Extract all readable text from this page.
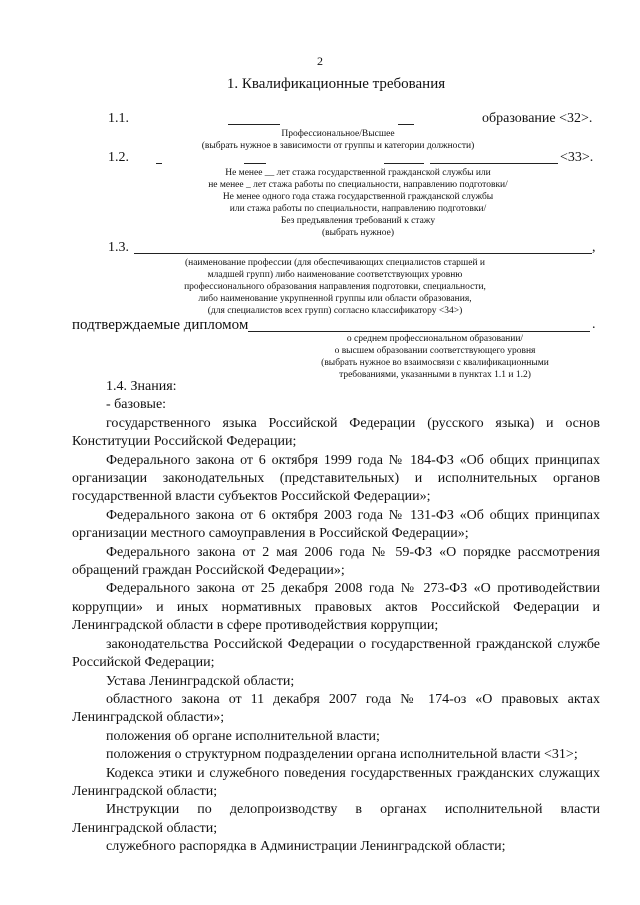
2
1. Квалификационные требования
1.1.	образование <32>.
Профессиональное/Высшее
(выбрать нужное в зависимости от группы и категории должности)
1.2.	<33>.
Не менее __ лет стажа государственной гражданской службы или
не менее _ лет стажа работы по специальности, направлению подготовки/
Не менее одного года стажа государственной гражданской службы
или стажа работы по специальности, направлению подготовки/
Без предъявления требований к стажу
(выбрать нужное)
1.3.	,
(наименование профессии (для обеспечивающих специалистов старшей и
младшей групп) либо наименование соответствующих уровню
профессионального образования направления подготовки, специальности,
либо наименование укрупненной группы или области образования,
(для специалистов всех групп) согласно классификатору <34>)
подтверждаемые дипломом	.
о среднем профессиональном образовании/
о высшем образовании соответствующего уровня
(выбрать нужное во взаимосвязи с квалификационными
требованиями, указанными в пунктах 1.1 и 1.2)

1.4. Знания:

- базовые:

государственного языка Российской Федерации (русского языка) и основ Конституции Российской Федерации;

Федерального закона от 6 октября 1999 года № 184-ФЗ «Об общих принципах организации законодательных (представительных) и исполнительных органов государственной власти субъектов Российской Федерации»;

Федерального закона от 6 октября 2003 года № 131-ФЗ «Об общих принципах организации местного самоуправления в Российской Федерации»;

Федерального закона от 2 мая 2006 года № 59-ФЗ «О порядке рассмотрения обращений граждан Российской Федерации»;

Федерального закона от 25 декабря 2008 года № 273-ФЗ «О противодействии коррупции» и иных нормативных правовых актов Российской Федерации и Ленинградской области в сфере противодействия коррупции;

законодательства Российской Федерации о государственной гражданской службе Российской Федерации;

Устава Ленинградской области;

областного закона от 11 декабря 2007 года № 174-оз «О правовых актах Ленинградской области»;

положения об органе исполнительной власти;

положения о структурном подразделении органа исполнительной власти <31>;

Кодекса этики и служебного поведения государственных гражданских служащих Ленинградской области;

Инструкции по делопроизводству в органах исполнительной власти Ленинградской области;

служебного распорядка в Администрации Ленинградской области;
